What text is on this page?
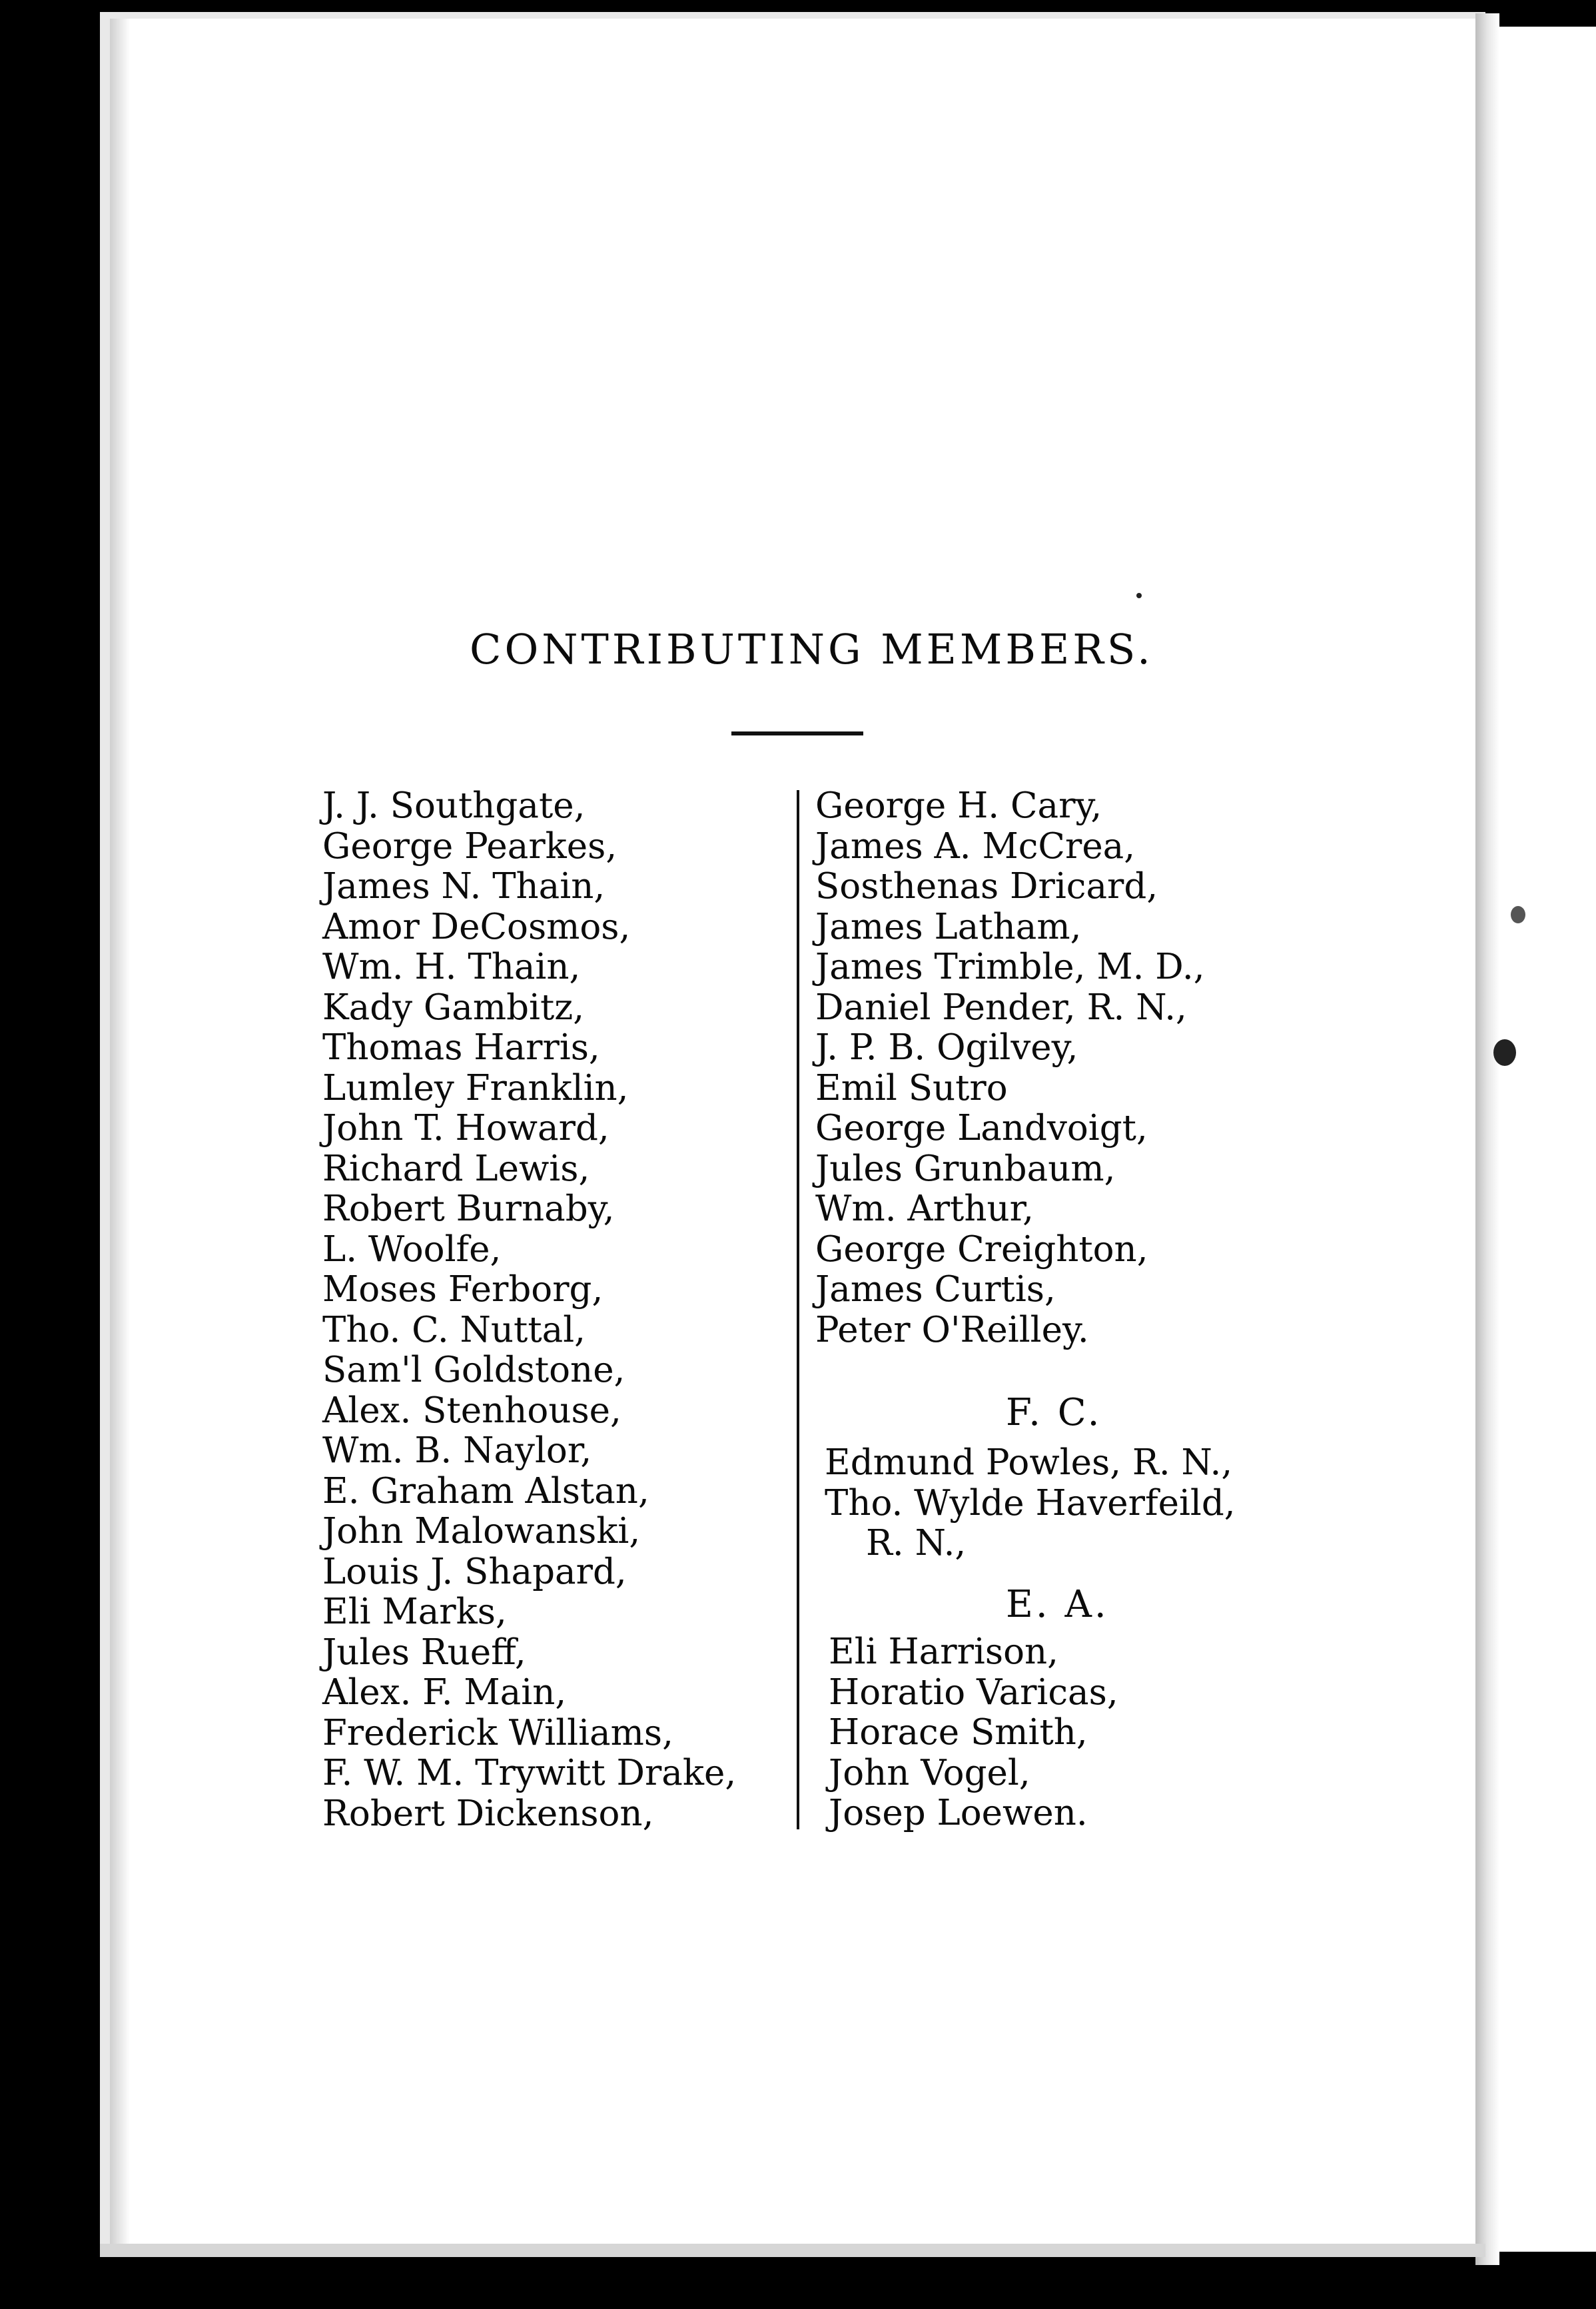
CONTRIBUTING MEMBERS.
J. J. Southgate,
George Pearkes,
James N. Thain,
Amor DeCosmos,
Wm. H. Thain,
Kady Gambitz,
Thomas Harris,
Lumley Franklin,
John T. Howard,
Richard Lewis,
Robert Burnaby,
L. Woolfe,
Moses Ferborg,
Tho. C. Nuttal,
Sam'l Goldstone,
Alex. Stenhouse,
Wm. B. Naylor,
E. Graham Alstan,
John Malowanski,
Louis J. Shapard,
Eli Marks,
Jules Rueff,
Alex. F. Main,
Frederick Williams,
F. W. M. Trywitt Drake,
Robert Dickenson,
George H. Cary,
James A. McCrea,
Sosthenas Dricard,
James Latham,
James Trimble, M. D.,
Daniel Pender, R. N.,
J. P. B. Ogilvey,
Emil Sutro
George Landvoigt,
Jules Grunbaum,
Wm. Arthur,
George Creighton,
James Curtis,
Peter O'Reilley.
F. C.
Edmund Powles, R. N.,
Tho. Wylde Haverfeild,
R. N.,
E. A.
Eli Harrison,
Horatio Varicas,
Horace Smith,
John Vogel,
Josep Loewen.
